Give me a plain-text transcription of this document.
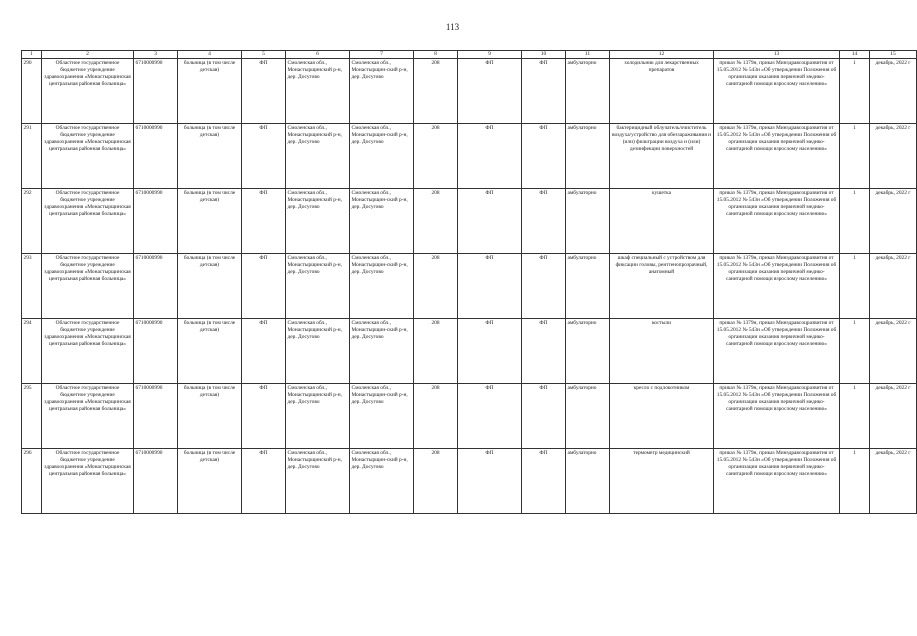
113
1	2	3	4	5	6	7	8	9	10	11	12	13	14	15
290	Областное государственное бюджетное учреждение здравоохранения «Монастырщинская центральная районная больница»	6710000990	больница (в том числе детская)	ФП	Смоленская обл., Монастырщинский р-н, дер. Досугово	Смоленская обл., Монастырщин-ский р-н, дер. Досугово	208	ФП	ФП	амбулаторно	холодильник для лекарственных препаратов	приказ № 1379н, приказ Минздравсоцразвития от 15.05.2012 № 543н «Об утверждении Положения об организации оказания первичной медико-санитарной помощи взрослому населению»	1	декабрь, 2022 г
291	Областное государственное бюджетное учреждение здравоохранения «Монастырщинская центральная районная больница»	6710000990	больница (в том числе детская)	ФП	Смоленская обл., Монастырщинский р-н, дер. Досугово	Смоленская обл., Монастырщин-ский р-н, дер. Досугово	208	ФП	ФП	амбулаторно	бактерицидный облучатель/очиститель воздуха/устройство для обеззараживания и (или) фильтрации воздуха и (или) дезинфекции поверхностей	приказ № 1379н, приказ Минздравсоцразвития от 15.05.2012 № 543н «Об утверждении Положения об организации оказания первичной медико-санитарной помощи взрослому населению»	1	декабрь, 2022 г
292	Областное государственное бюджетное учреждение здравоохранения «Монастырщинская центральная районная больница»	6710000990	больница (в том числе детская)	ФП	Смоленская обл., Монастырщинский р-н, дер. Досугово	Смоленская обл., Монастырщин-ский р-н, дер. Досугово	208	ФП	ФП	амбулаторно	кушетка	приказ № 1379н, приказ Минздравсоцразвития от 15.05.2012 № 543н «Об утверждении Положения об организации оказания первичной медико-санитарной помощи взрослому населению»	1	декабрь, 2022 г
293	Областное государственное бюджетное учреждение здравоохранения «Монастырщинская центральная районная больница»	6710000990	больница (в том числе детская)	ФП	Смоленская обл., Монастырщинский р-н, дер. Досугово	Смоленская обл., Монастырщин-ский р-н, дер. Досугово	208	ФП	ФП	амбулаторно	шкаф специальный с устройством для фиксации головы, рентгенопрозрачный, анатомный	приказ № 1379н, приказ Минздравсоцразвития от 15.05.2012 № 543н «Об утверждении Положения об организации оказания первичной медико-санитарной помощи взрослому населению»	1	декабрь, 2022 г
294	Областное государственное бюджетное учреждение здравоохранения «Монастырщинская центральная районная больница»	6710000990	больница (в том числе детская)	ФП	Смоленская обл., Монастырщинский р-н, дер. Досугово	Смоленская обл., Монастырщин-ский р-н, дер. Досугово	208	ФП	ФП	амбулаторно	костыли	приказ № 1379н, приказ Минздравсоцразвития от 15.05.2012 № 543н «Об утверждении Положения об организации оказания первичной медико-санитарной помощи взрослому населению»	1	декабрь, 2022 г
295	Областное государственное бюджетное учреждение здравоохранения «Монастырщинская центральная районная больница»	6710000990	больница (в том числе детская)	ФП	Смоленская обл., Монастырщинский р-н, дер. Досугово	Смоленская обл., Монастырщин-ский р-н, дер. Досугово	208	ФП	ФП	амбулаторно	кресло с подлокотником	приказ № 1379н, приказ Минздравсоцразвития от 15.05.2012 № 543н «Об утверждении Положения об организации оказания первичной медико-санитарной помощи взрослому населению»	1	декабрь, 2022 г
296	Областное государственное бюджетное учреждение здравоохранения «Монастырщинская центральная районная больница»	6710000990	больница (в том числе детская)	ФП	Смоленская обл., Монастырщинский р-н, дер. Досугово	Смоленская обл., Монастырщин-ский р-н, дер. Досугово	208	ФП	ФП	амбулаторно	термометр медицинский	приказ № 1379н, приказ Минздравсоцразвития от 15.05.2012 № 543н «Об утверждении Положения об организации оказания первичной медико-санитарной помощи взрослому населению»	1	декабрь, 2022 г
